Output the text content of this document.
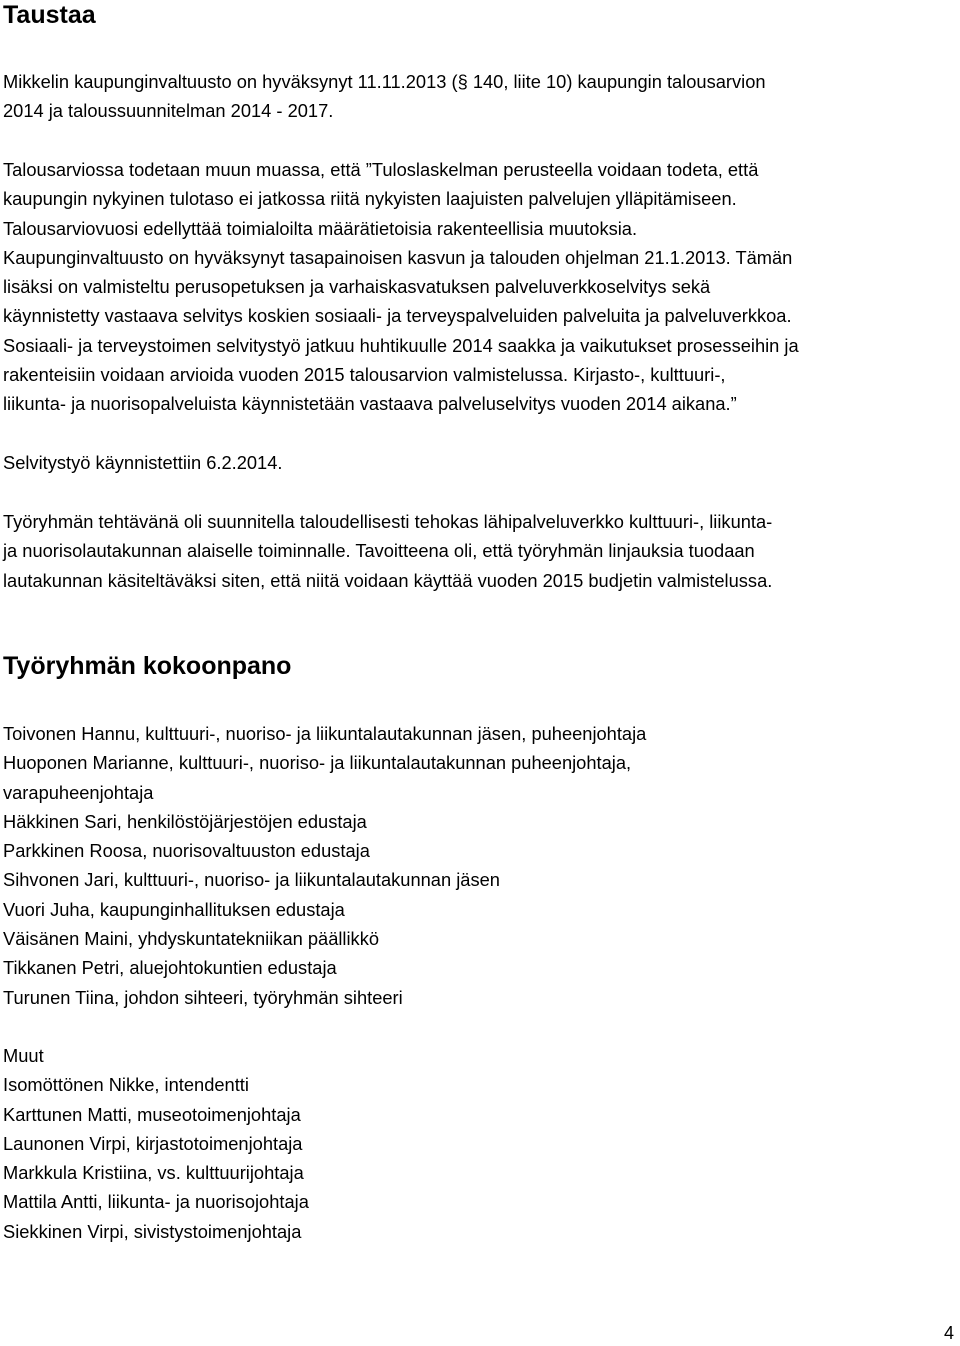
Taustaa
Mikkelin kaupunginvaltuusto on hyväksynyt 11.11.2013 (§ 140, liite 10) kaupungin talousarvion
2014 ja taloussuunnitelman 2014 - 2017.
Talousarviossa todetaan muun muassa, että ”Tuloslaskelman perusteella voidaan todeta, että
kaupungin nykyinen tulotaso ei jatkossa riitä nykyisten laajuisten palvelujen ylläpitämiseen.
Talousarviovuosi edellyttää toimialoilta määrätietoisia rakenteellisia muutoksia.
Kaupunginvaltuusto on hyväksynyt tasapainoisen kasvun ja talouden ohjelman 21.1.2013. Tämän
lisäksi on valmisteltu perusopetuksen ja varhaiskasvatuksen palveluverkkoselvitys sekä
käynnistetty vastaava selvitys koskien sosiaali- ja terveyspalveluiden palveluita ja palveluverkkoa.
Sosiaali- ja terveystoimen selvitystyö jatkuu huhtikuulle 2014 saakka ja vaikutukset prosesseihin ja
rakenteisiin voidaan arvioida vuoden 2015 talousarvion valmistelussa. Kirjasto-, kulttuuri-,
liikunta- ja nuorisopalveluista käynnistetään vastaava palveluselvitys vuoden 2014 aikana.”
Selvitystyö käynnistettiin 6.2.2014.
Työryhmän tehtävänä oli suunnitella taloudellisesti tehokas lähipalveluverkko kulttuuri-, liikunta-
ja nuorisolautakunnan alaiselle toiminnalle. Tavoitteena oli, että työryhmän linjauksia tuodaan
lautakunnan käsiteltäväksi siten, että niitä voidaan käyttää vuoden 2015 budjetin valmistelussa.
Työryhmän kokoonpano
Toivonen Hannu, kulttuuri-, nuoriso- ja liikuntalautakunnan jäsen, puheenjohtaja
Huoponen Marianne, kulttuuri-, nuoriso- ja liikuntalautakunnan puheenjohtaja,
varapuheenjohtaja
Häkkinen Sari, henkilöstöjärjestöjen edustaja
Parkkinen Roosa, nuorisovaltuuston edustaja
Sihvonen Jari, kulttuuri-, nuoriso- ja liikuntalautakunnan jäsen
Vuori Juha, kaupunginhallituksen edustaja
Väisänen Maini, yhdyskuntatekniikan päällikkö
Tikkanen Petri, aluejohtokuntien edustaja
Turunen Tiina, johdon sihteeri, työryhmän sihteeri
Muut
Isomöttönen Nikke, intendentti
Karttunen Matti, museotoimenjohtaja
Launonen Virpi, kirjastotoimenjohtaja
Markkula Kristiina, vs. kulttuurijohtaja
Mattila Antti, liikunta- ja nuorisojohtaja
Siekkinen Virpi, sivistystoimenjohtaja
4
